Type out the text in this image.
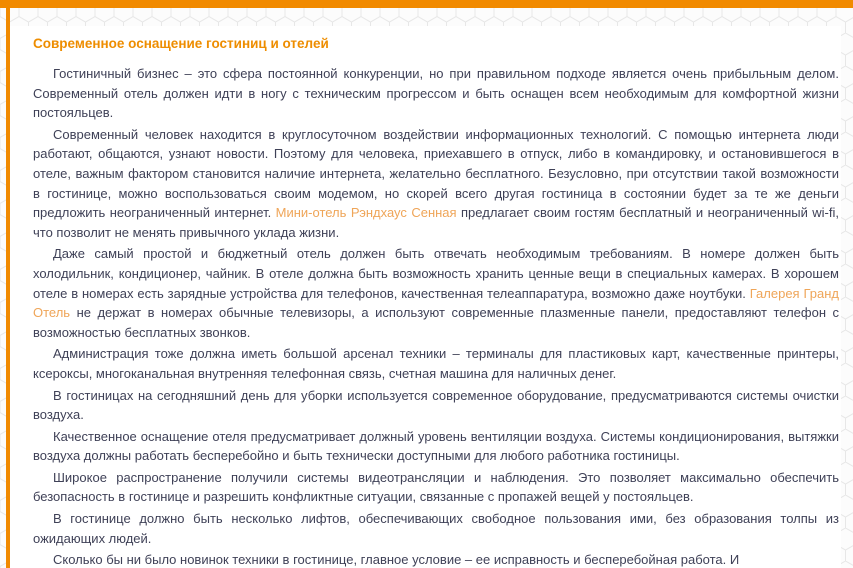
Современное оснащение гостиниц и отелей

Гостиничный бизнес – это сфера постоянной конкуренции, но при правильном подходе является очень прибыльным делом. Современный отель должен идти в ногу с техническим прогрессом и быть оснащен всем необходимым для комфортной жизни постояльцев.

Современный человек находится в круглосуточном воздействии информационных технологий. С помощью интернета люди работают, общаются, узнают новости. Поэтому для человека, приехавшего в отпуск, либо в командировку, и остановившегося в отеле, важным фактором становится наличие интернета, желательно бесплатного. Безусловно, при отсутствии такой возможности в гостинице, можно воспользоваться своим модемом, но скорей всего другая гостиница в состоянии будет за те же деньги предложить неограниченный интернет. Мини-отель Рэндхаус Сенная предлагает своим гостям бесплатный и неограниченный wi-fi, что позволит не менять привычного уклада жизни.

Даже самый простой и бюджетный отель должен быть отвечать необходимым требованиям. В номере должен быть холодильник, кондиционер, чайник. В отеле должна быть возможность хранить ценные вещи в специальных камерах. В хорошем отеле в номерах есть зарядные устройства для телефонов, качественная телеаппаратура, возможно даже ноутбуки. Галерея Гранд Отель не держат в номерах обычные телевизоры, а используют современные плазменные панели, предоставляют телефон с возможностью бесплатных звонков.

Администрация тоже должна иметь большой арсенал техники – терминалы для пластиковых карт, качественные принтеры, ксероксы, многоканальная внутренняя телефонная связь, счетная машина для наличных денег.

В гостиницах на сегодняшний день для уборки используется современное оборудование, предусматриваются системы очистки воздуха.

Качественное оснащение отеля предусматривает должный уровень вентиляции воздуха. Системы кондиционирования, вытяжки воздуха должны работать бесперебойно и быть технически доступными для любого работника гостиницы.

Широкое распространение получили системы видеотрансляции и наблюдения. Это позволяет максимально обеспечить безопасность в гостинице и разрешить конфликтные ситуации, связанные с пропажей вещей у постояльцев.

В гостинице должно быть несколько лифтов, обеспечивающих свободное пользования ими, без образования толпы из ожидающих людей.

Сколько бы ни было новинок техники в гостинице, главное условие – ее исправность и бесперебойная работа. И
